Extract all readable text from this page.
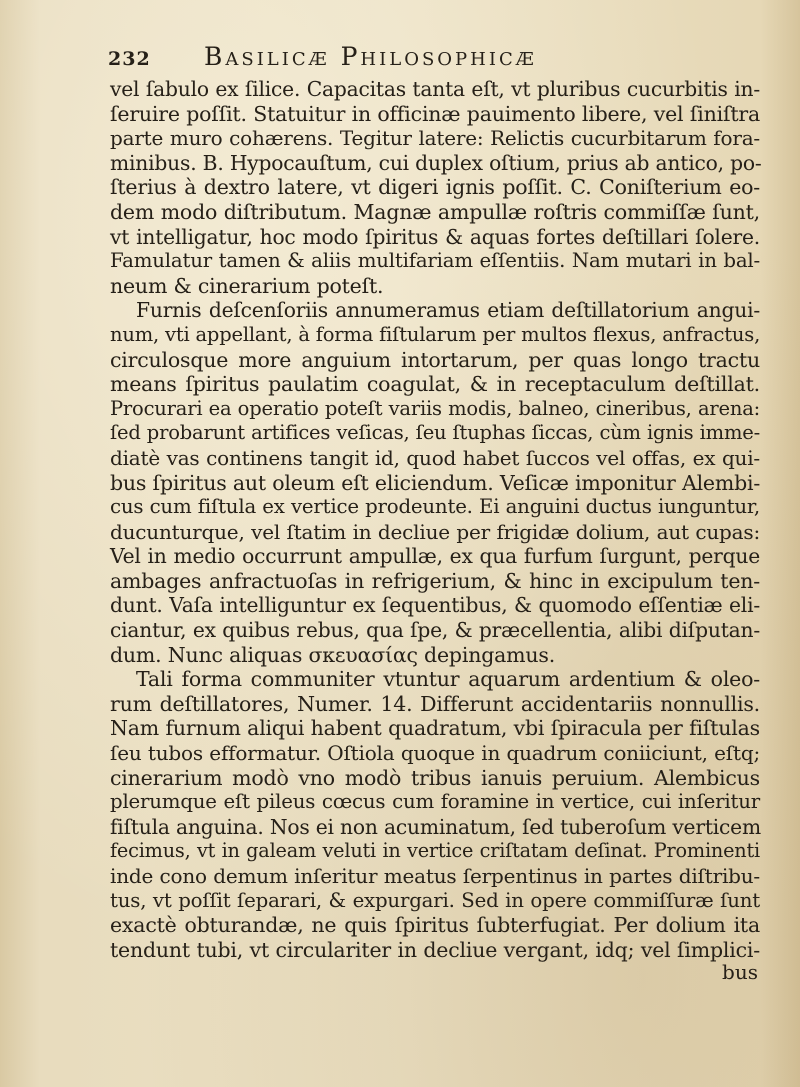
232 Basilicæ Philosophicæ
vel ſabulo ex ſilice. Capacitas tanta eſt, vt pluribus cucurbitis in-
ſeruire poſſit. Statuitur in officinæ pauimento libere, vel ſiniſtra
parte muro cohærens. Tegitur latere: Relictis cucurbitarum fora-
minibus. B. Hypocauſtum, cui duplex oſtium, prius ab antico, po-
ſterius à dextro latere, vt digeri ignis poſſit. C. Coniſterium eo-
dem modo diſtributum. Magnæ ampullæ roſtris commiſſæ ſunt,
vt intelligatur, hoc modo ſpiritus & aquas fortes deſtillari ſolere.
Famulatur tamen & aliis multifariam eſſentiis. Nam mutari in bal-
neum & cinerarium poteſt.
Furnis deſcenſoriis annumeramus etiam deſtillatorium angui-
num, vti appellant, à forma fiſtularum per multos flexus, anfractus,
circulosque more anguium intortarum, per quas longo tractu
means ſpiritus paulatim coagulat, & in receptaculum deſtillat.
Procurari ea operatio poteſt variis modis, balneo, cineribus, arena:
ſed probarunt artifices veſicas, ſeu ſtuphas ſiccas, cùm ignis imme-
diatè vas continens tangit id, quod habet ſuccos vel offas, ex qui-
bus ſpiritus aut oleum eſt eliciendum. Veſicæ imponitur Alembi-
cus cum fiſtula ex vertice prodeunte. Ei anguini ductus iunguntur,
ducunturque, vel ſtatim in decliue per frigidæ dolium, aut cupas:
Vel in medio occurrunt ampullæ, ex qua furfum ſurgunt, perque
ambages anfractuoſas in refrigerium, & hinc in excipulum ten-
dunt. Vaſa intelliguntur ex ſequentibus, & quomodo eſſentiæ eli-
ciantur, ex quibus rebus, qua ſpe, & præcellentia, alibi diſputan-
dum. Nunc aliquas σκευασίας depingamus.
Tali forma communiter vtuntur aquarum ardentium & oleo-
rum deſtillatores, Numer. 14. Differunt accidentariis nonnullis.
Nam furnum aliqui habent quadratum, vbi ſpiracula per fiſtulas
ſeu tubos efformatur. Oſtiola quoque in quadrum coniiciunt, eſtq;
cinerarium modò vno modò tribus ianuis peruium. Alembicus
plerumque eſt pileus cœcus cum foramine in vertice, cui inſeritur
fiſtula anguina. Nos ei non acuminatum, ſed tuberoſum verticem
fecimus, vt in galeam veluti in vertice criſtatam deſinat. Prominenti
inde cono demum inſeritur meatus ſerpentinus in partes diſtribu-
tus, vt poſſit ſeparari, & expurgari. Sed in opere commiſſuræ ſunt
exactè obturandæ, ne quis ſpiritus ſubterfugiat. Per dolium ita
tendunt tubi, vt circulariter in decliue vergant, idq; vel ſimplici-
bus
